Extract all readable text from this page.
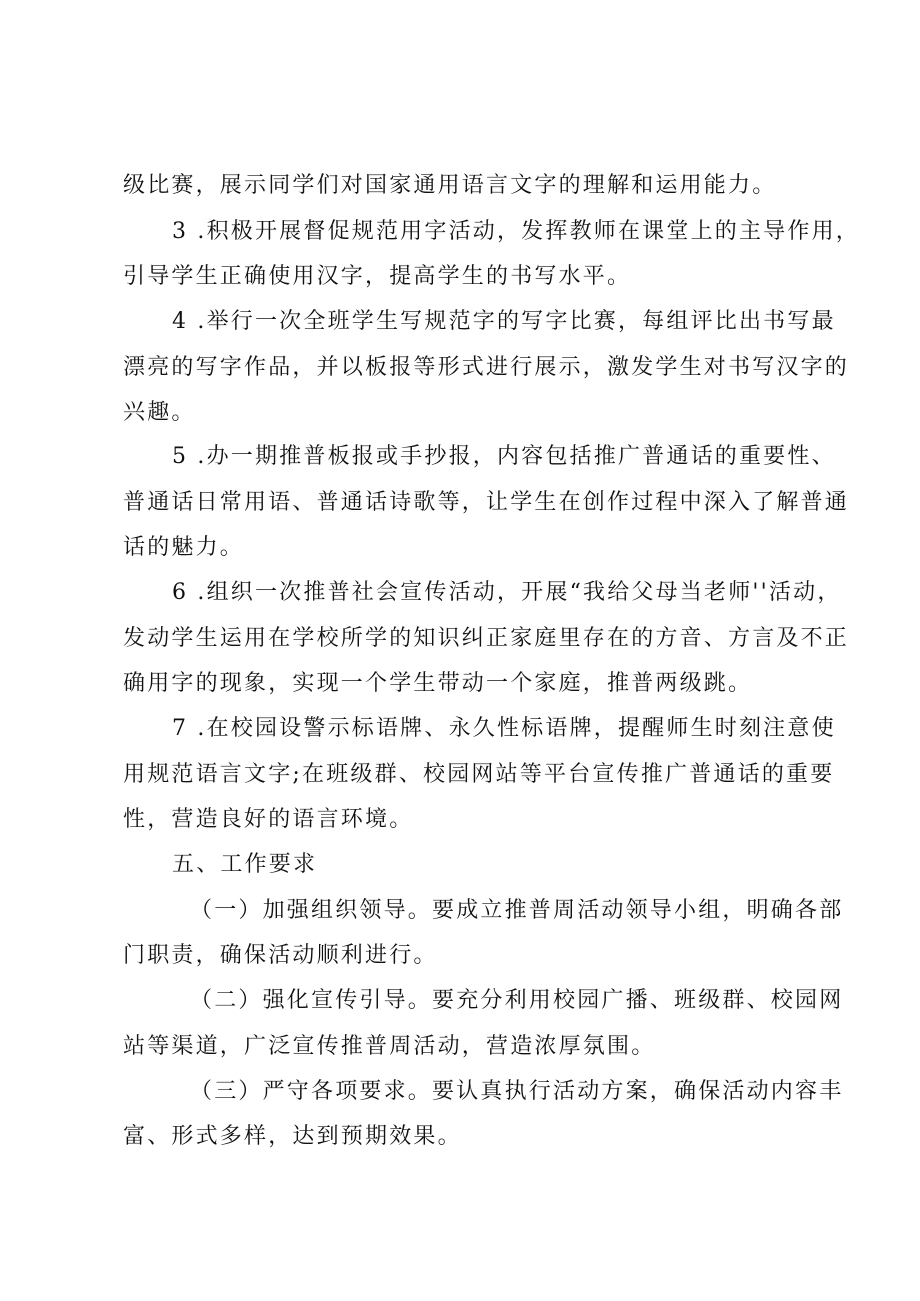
级比赛，展示同学们对国家通用语言文字的理解和运用能力。

3 .积极开展督促规范用字活动，发挥教师在课堂上的主导作用，

引导学生正确使用汉字，提高学生的书写水平。

4 .举行一次全班学生写规范字的写字比赛，每组评比出书写最

漂亮的写字作品，并以板报等形式进行展示，激发学生对书写汉字的

兴趣。

5 .办一期推普板报或手抄报，内容包括推广普通话的重要性、

普通话日常用语、普通话诗歌等，让学生在创作过程中深入了解普通

话的魅力。

6 .组织一次推普社会宣传活动，开展“我给父母当老师''活动，

发动学生运用在学校所学的知识纠正家庭里存在的方音、方言及不正

确用字的现象，实现一个学生带动一个家庭，推普两级跳。

7 .在校园设警示标语牌、永久性标语牌，提醒师生时刻注意使

用规范语言文字;在班级群、校园网站等平台宣传推广普通话的重要

性，营造良好的语言环境。

五、工作要求

（一）加强组织领导。要成立推普周活动领导小组，明确各部

门职责，确保活动顺利进行。

（二）强化宣传引导。要充分利用校园广播、班级群、校园网

站等渠道，广泛宣传推普周活动，营造浓厚氛围。

（三）严守各项要求。要认真执行活动方案，确保活动内容丰

富、形式多样，达到预期效果。
